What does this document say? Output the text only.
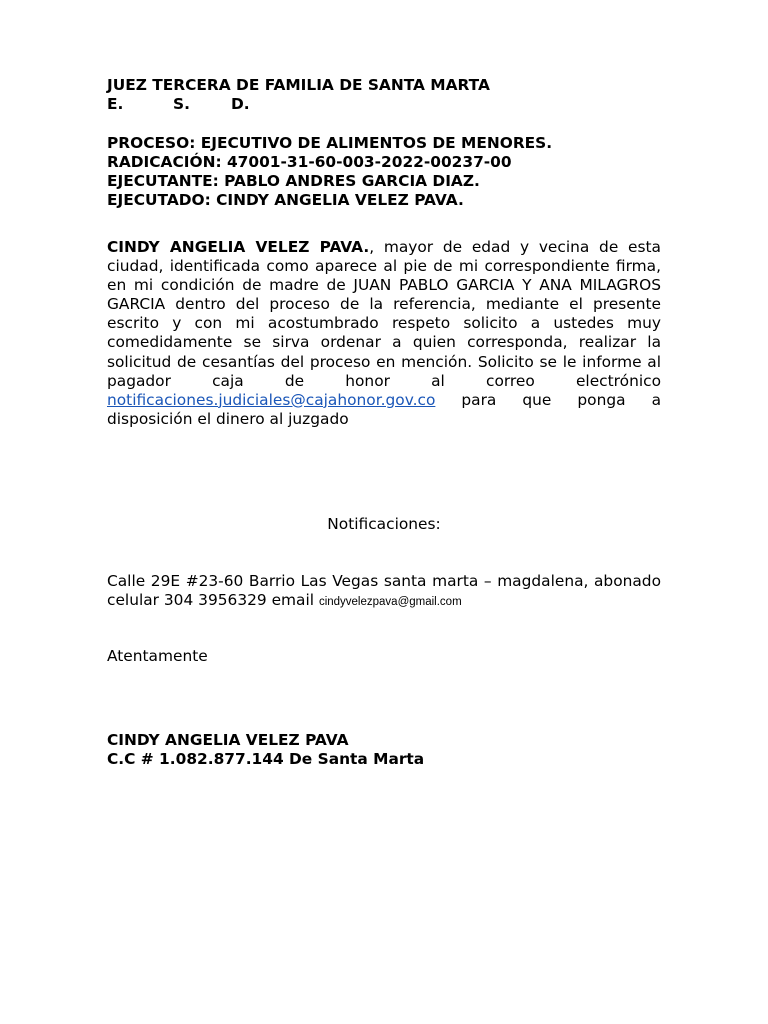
JUEZ TERCERA DE FAMILIA DE SANTA MARTA
E.	S.	D.
PROCESO: EJECUTIVO DE ALIMENTOS DE MENORES.
RADICACIÓN: 47001-31-60-003-2022-00237-00
EJECUTANTE: PABLO ANDRES GARCIA DIAZ.
EJECUTADO: CINDY ANGELIA VELEZ PAVA.
CINDY ANGELIA VELEZ PAVA., mayor de edad y vecina de esta ciudad, identificada como aparece al pie de mi correspondiente firma, en mi condición de madre de JUAN PABLO GARCIA Y ANA MILAGROS GARCIA dentro del proceso de la referencia, mediante el presente escrito y con mi acostumbrado respeto solicito a ustedes muy comedidamente se sirva ordenar a quien corresponda, realizar la solicitud de cesantías del proceso en mención. Solicito se le informe al pagador caja de honor al correo electrónico notificaciones.judiciales@cajahonor.gov.co para que ponga a disposición el dinero al juzgado
Notificaciones:
Calle 29E #23-60 Barrio Las Vegas santa marta – magdalena, abonado celular 304 3956329 email cindyvelezpava@gmail.com
Atentamente
CINDY ANGELIA VELEZ PAVA
C.C # 1.082.877.144 De Santa Marta
